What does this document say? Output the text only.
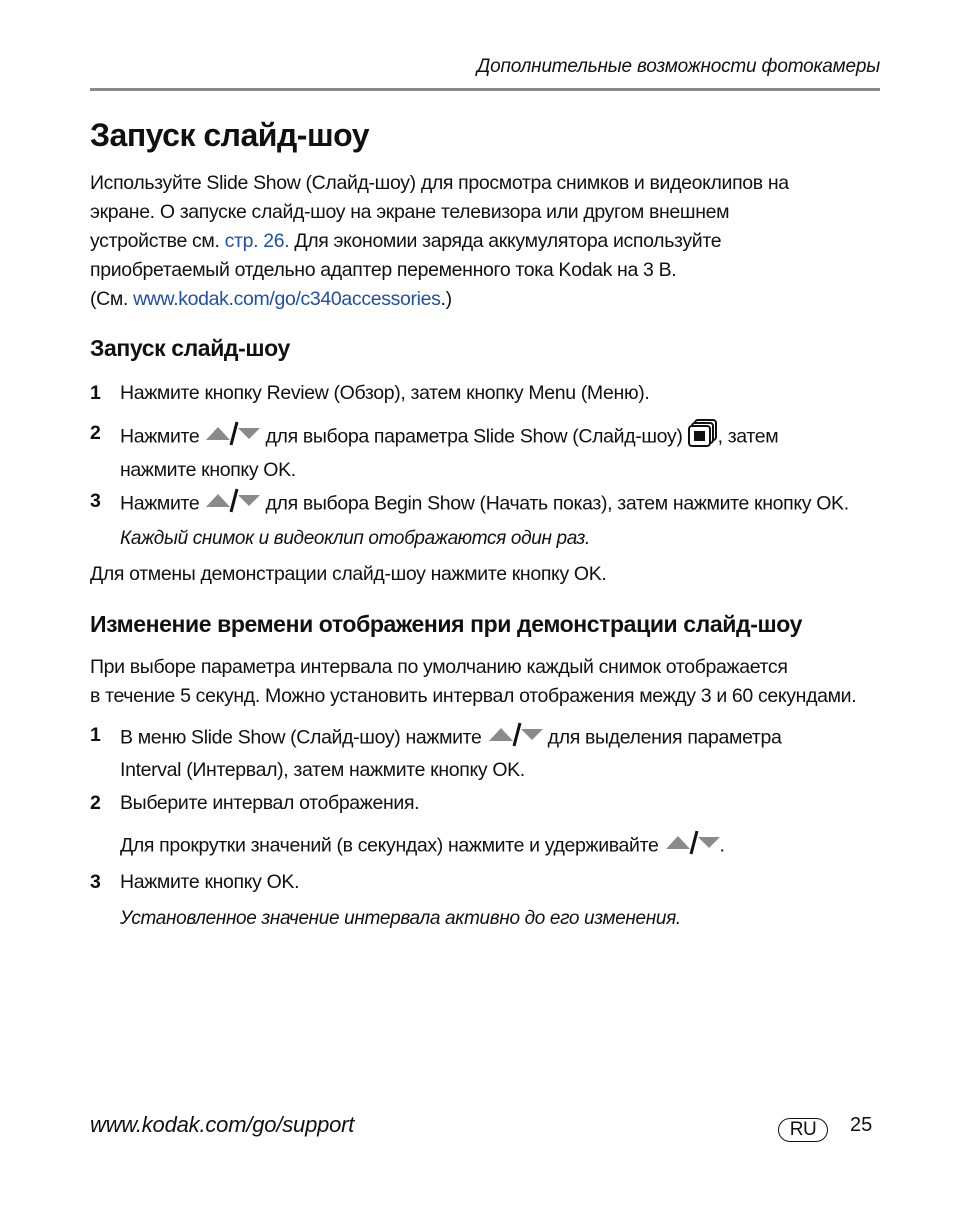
Дополнительные возможности фотокамеры
Запуск слайд-шоу
Используйте Slide Show (Слайд-шоу) для просмотра снимков и видеоклипов на
экране. О запуске слайд-шоу на экране телевизора или другом внешнем
устройстве см. стр. 26. Для экономии заряда аккумулятора используйте
приобретаемый отдельно адаптер переменного тока Kodak на 3 В.
(См. www.kodak.com/go/c340accessories.)
Запуск слайд-шоу
1	Нажмите кнопку Review (Обзор), затем кнопку Menu (Меню).
2	Нажмите	для выбора параметра Slide Show (Слайд-шоу) , затем
нажмите кнопку OK.
3	Нажмите	для выбора Begin Show (Начать показ), затем нажмите кнопку OK.
Каждый снимок и видеоклип отображаются один раз.
Для отмены демонстрации слайд-шоу нажмите кнопку OK.
Изменение времени отображения при демонстрации слайд-шоу
При выборе параметра интервала по умолчанию каждый снимок отображается
в течение 5 секунд. Можно установить интервал отображения между 3 и 60 секундами.
1	В меню Slide Show (Слайд-шоу) нажмите	для выделения параметра
Interval (Интервал), затем нажмите кнопку OK.
2	Выберите интервал отображения.
Для прокрутки значений (в секундах) нажмите и удерживайте	.
3	Нажмите кнопку OK.
Установленное значение интервала активно до его изменения.
www.kodak.com/go/support	RU	25
